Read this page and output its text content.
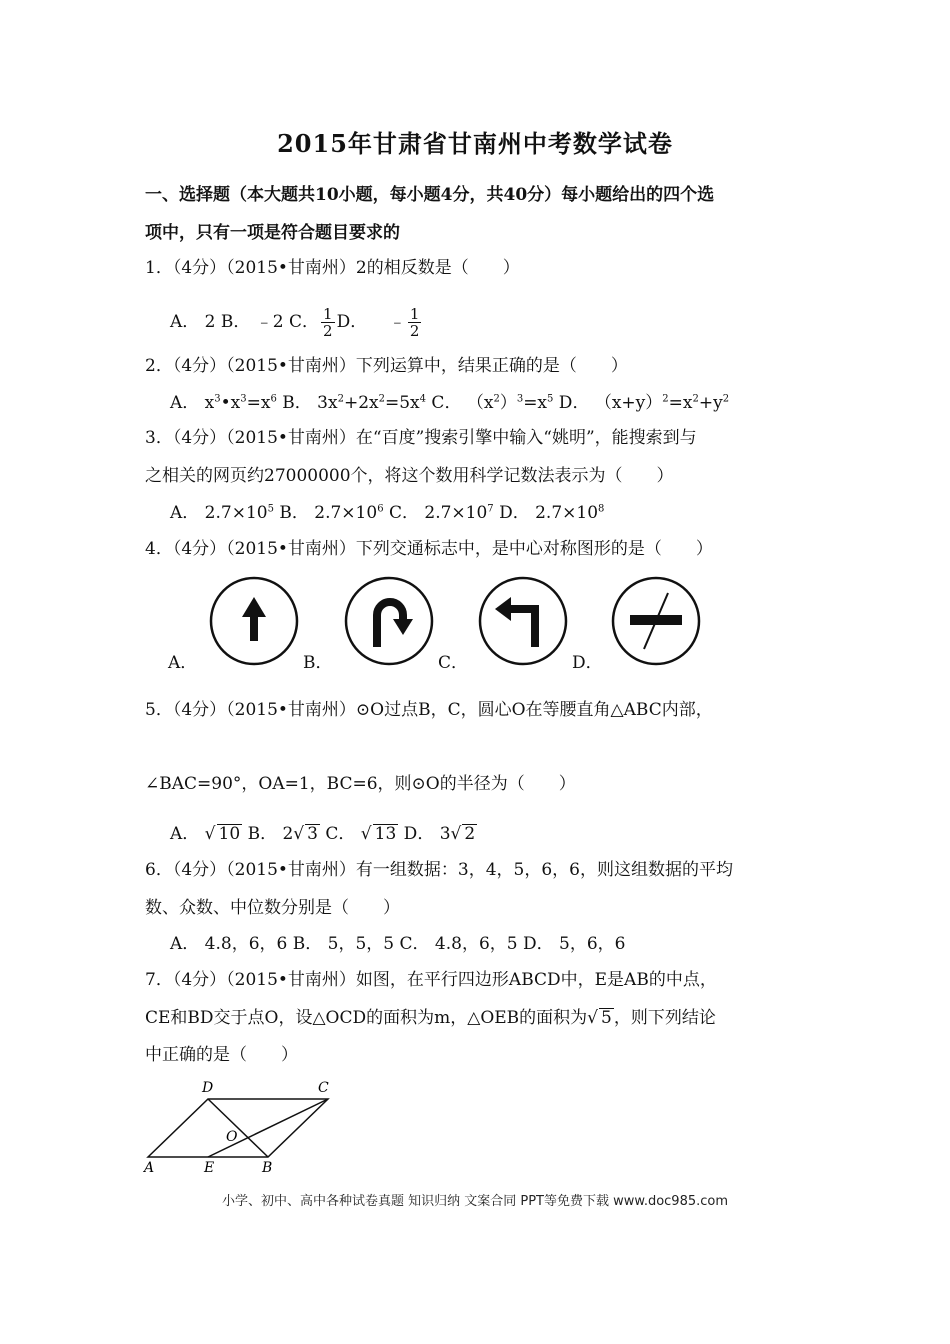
2015年甘肃省甘南州中考数学试卷
一、选择题（本大题共10小题，每小题4分，共40分）每小题给出的四个选
项中，只有一项是符合题目要求的
1．（4分）（2015•甘南州）2的相反数是（　　）
A． 2 B． ﹣2 C． $\frac{1}{2}$ D． ﹣ $\frac{1}{2}$
2．（4分）（2015•甘南州）下列运算中，结果正确的是（　　）
A． $x^3•x^3=x^6$ B． $3x^2+2x^2=5x^4$ C． $(x^2)^3=x^5$ D． $(x+y)^2=x^2+y^2$
3．（4分）（2015•甘南州）在“百度”搜索引擎中输入“姚明”，能搜索到与
之相关的网页约27000000个，将这个数用科学记数法表示为（　　）
A． $2.7\times 10^5$ B． $2.7\times 10^6$ C． $2.7\times 10^7$ D． $2.7\times 10^8$
4．（4分）（2015•甘南州）下列交通标志中，是中心对称图形的是（　　）
A．	B．	C．	D．
5．（4分）（2015•甘南州）⊙O过点B，C，圆心O在等腰直角△ABC内部，
∠BAC=90°，OA=1，BC=6，则⊙O的半径为（　　）
A． √ 10 B． 2√ 3 C． √ 13 D． 3√ 2
6．（4分）（2015•甘南州）有一组数据：3，4，5，6，6，则这组数据的平均
数、众数、中位数分别是（　　）
A． 4.8，6，6 B． 5，5，5 C． 4.8，6，5 D． 5，6，6
7．（4分）（2015•甘南州）如图，在平行四边形ABCD中，E是AB的中点，
CE和BD交于点O，设△OCD的面积为m，△OEB的面积为√ 5 ，则下列结论
中正确的是（　　）
D	C
O
A	E	B
小学、初中、高中各种试卷真题 知识归纳 文案合同 PPT等免费下载 www.doc985.com
